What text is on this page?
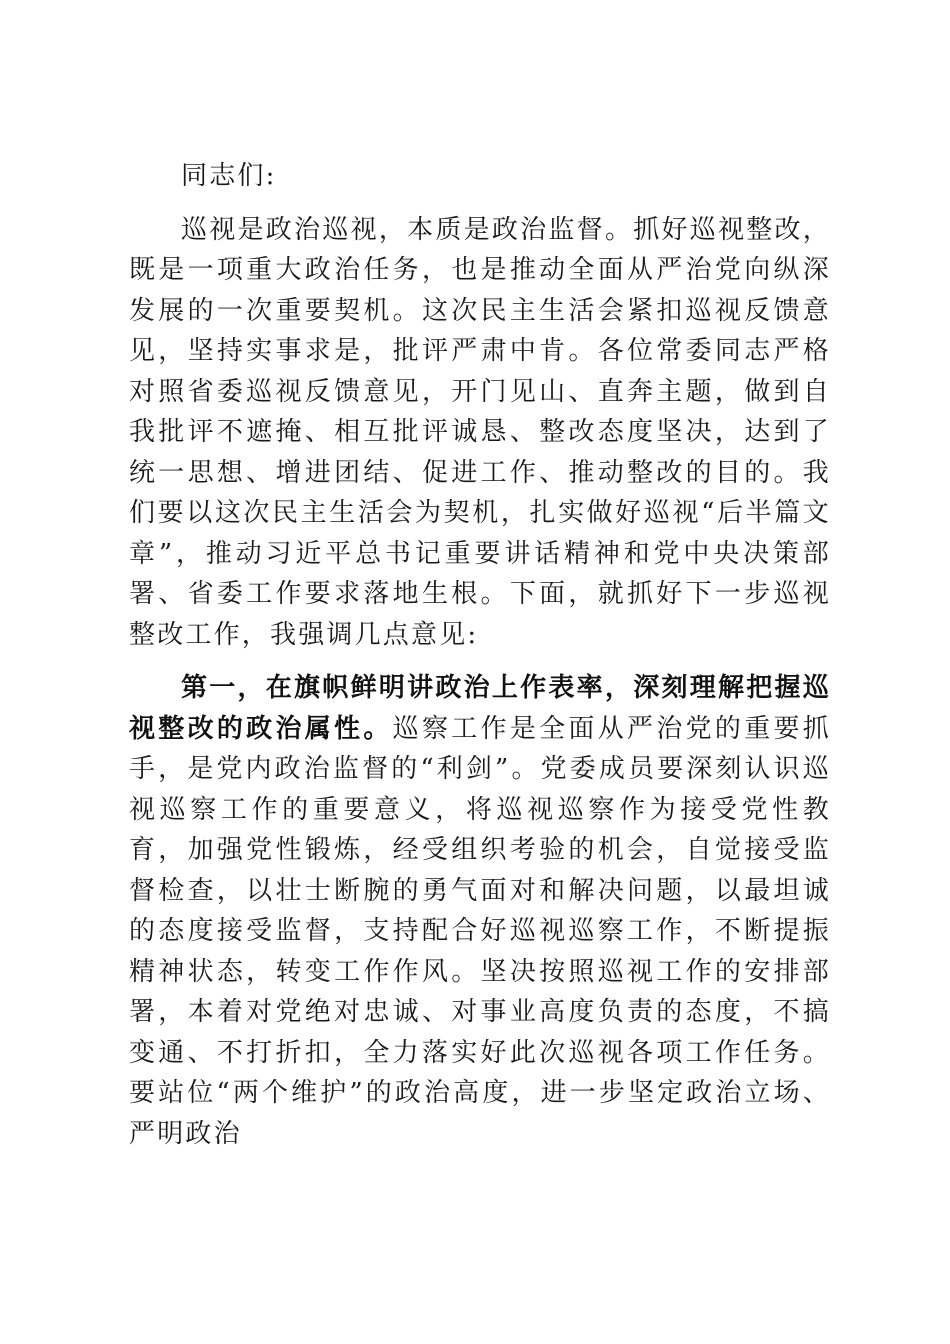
同志们:

巡视是政治巡视，本质是政治监督。抓好巡视整改，既是一项重大政治任务，也是推动全面从严治党向纵深发展的一次重要契机。这次民主生活会紧扣巡视反馈意见，坚持实事求是，批评严肃中肯。各位常委同志严格对照省委巡视反馈意见，开门见山、直奔主题，做到自我批评不遮掩、相互批评诚恳、整改态度坚决，达到了统一思想、增进团结、促进工作、推动整改的目的。我们要以这次民主生活会为契机，扎实做好巡视“后半篇文章”，推动习近平总书记重要讲话精神和党中央决策部署、省委工作要求落地生根。下面，就抓好下一步巡视整改工作，我强调几点意见:

第一，在旗帜鲜明讲政治上作表率，深刻理解把握巡视整改的政治属性。巡察工作是全面从严治党的重要抓手，是党内政治监督的“利剑”。党委成员要深刻认识巡视巡察工作的重要意义，将巡视巡察作为接受党性教育，加强党性锻炼，经受组织考验的机会，自觉接受监督检查，以壮士断腕的勇气面对和解决问题，以最坦诚的态度接受监督，支持配合好巡视巡察工作，不断提振精神状态，转变工作作风。坚决按照巡视工作的安排部署，本着对党绝对忠诚、对事业高度负责的态度，不搞变通、不打折扣，全力落实好此次巡视各项工作任务。要站位“两个维护”的政治高度，进一步坚定政治立场、严明政治
